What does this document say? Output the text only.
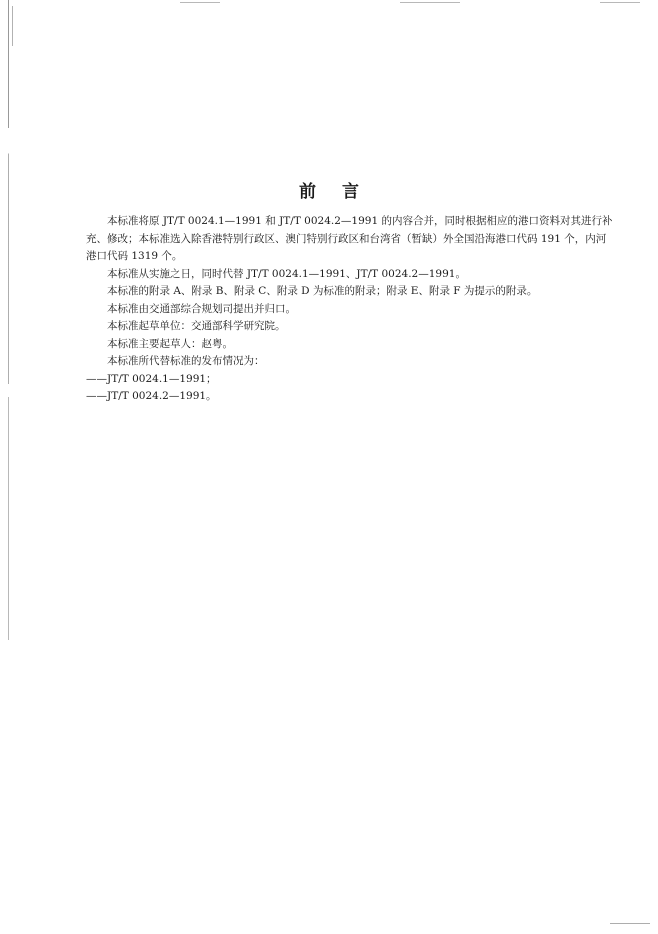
前 言

本标准将原 JT/T 0024.1—1991 和 JT/T 0024.2—1991 的内容合并，同时根据相应的港口资料对其进行补充、修改；本标准选入除香港特别行政区、澳门特别行政区和台湾省（暂缺）外全国沿海港口代码 191 个，内河港口代码 1319 个。

本标准从实施之日，同时代替 JT/T 0024.1—1991、JT/T 0024.2—1991。

本标准的附录 A、附录 B、附录 C、附录 D 为标准的附录；附录 E、附录 F 为提示的附录。

本标准由交通部综合规划司提出并归口。

本标准起草单位：交通部科学研究院。

本标准主要起草人：赵粤。

本标准所代替标准的发布情况为：

——JT/T 0024.1—1991；

——JT/T 0024.2—1991。
